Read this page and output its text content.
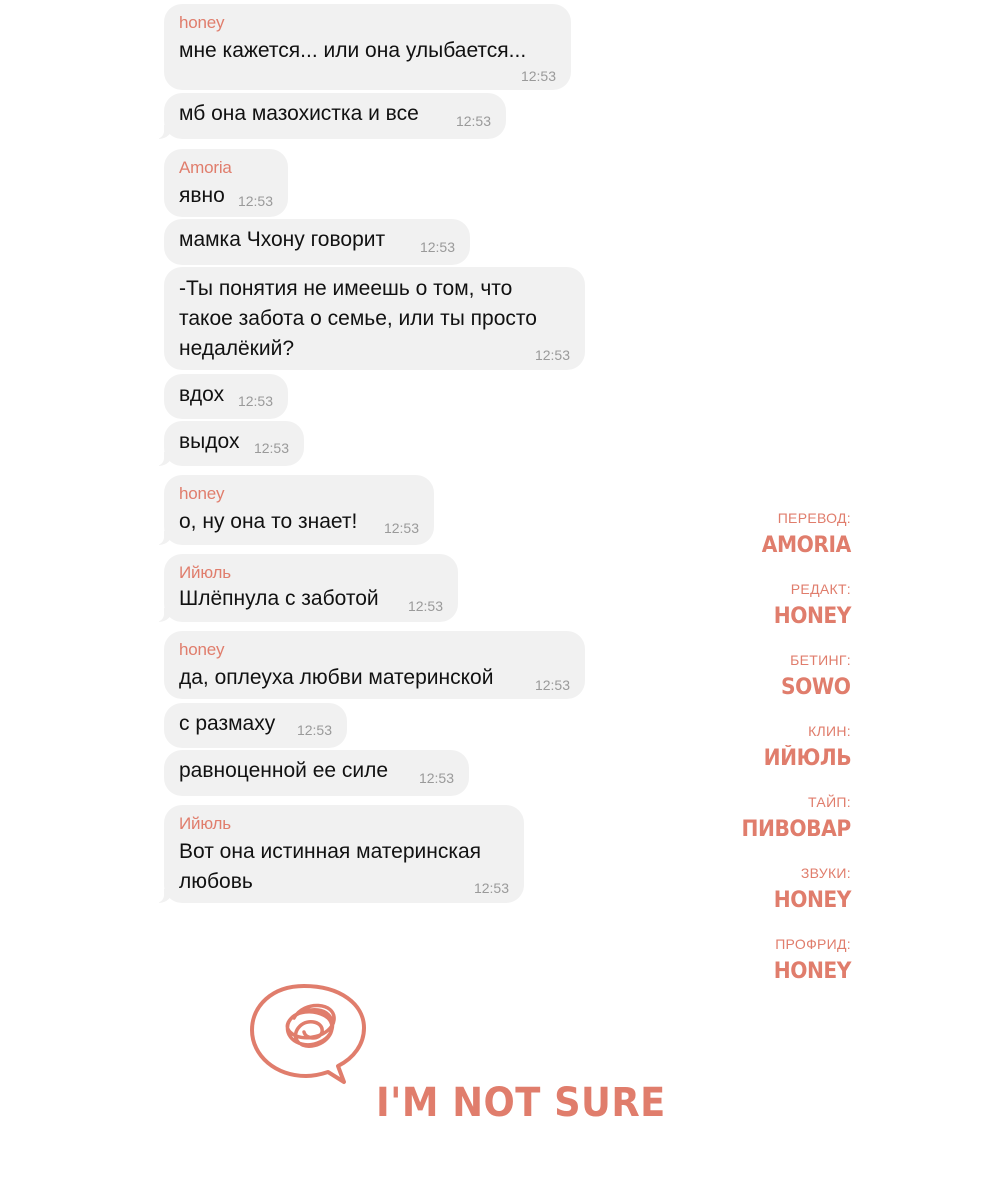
honey
мне кажется... или она улыбается...
12:53
мб она мазохистка и все	12:53
Amoria
явно 12:53
мамка Чхону говорит 12:53
-Ты понятия не имеешь о том, что
такое забота о семье, или ты просто
недалёкий?	12:53
вдох 12:53
выдох 12:53
honey
о, ну она то знает! 12:53
Ийюль
Шлёпнула с заботой 12:53
honey
да, оплеуха любви материнской	12:53
с размаху 12:53
равноценной ее силе 12:53
Ийюль
Вот она истинная материнская
любовь	12:53
ПЕРЕВОД:
AMORIA
РЕДАКТ:
HONEY
БЕТИНГ:
SOWO
КЛИН:
ИЙЮЛЬ
ТАЙП:
ПИВОВАР
ЗВУКИ:
HONEY
ПРОФРИД:
HONEY
I'M NOT SURE
